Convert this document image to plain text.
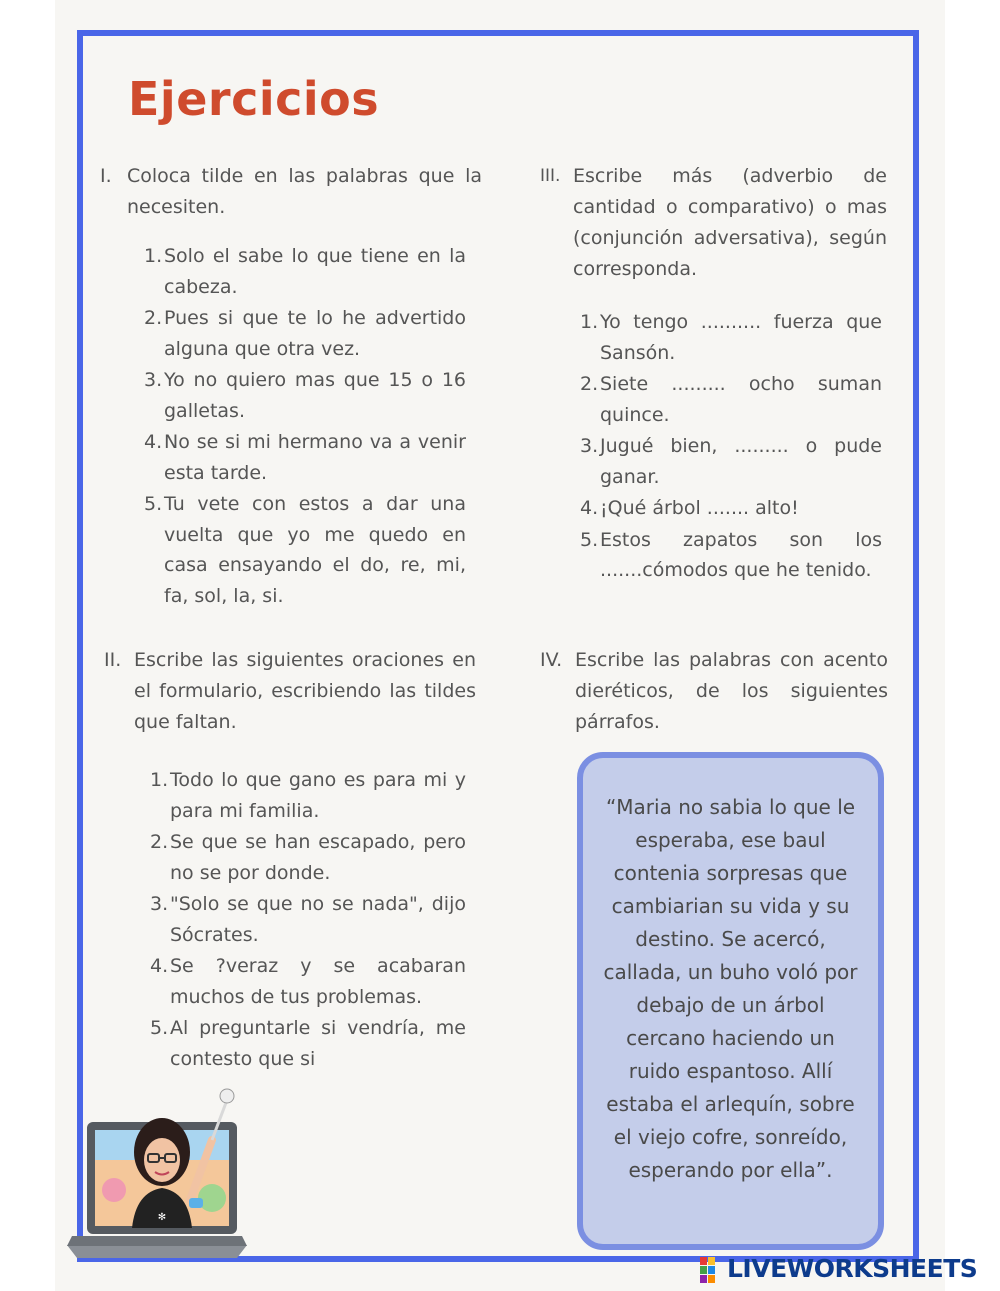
Ejercicios
I. Coloca tilde en las palabras que la necesiten.
1. Solo el sabe lo que tiene en la cabeza.
2. Pues si que te lo he advertido alguna que otra vez.
3. Yo no quiero mas que 15 o 16 galletas.
4. No se si mi hermano va a venir esta tarde.
5. Tu vete con estos a dar una vuelta que yo me quedo en casa ensayando el do, re, mi, fa, sol, la, si.
II. Escribe las siguientes oraciones en el formulario, escribiendo las tildes que faltan.
1. Todo lo que gano es para mi y para mi familia.
2. Se que se han escapado, pero no se por donde.
3. "Solo se que no se nada", dijo Sócrates.
4. Se ?veraz y se acabaran muchos de tus problemas.
5. Al preguntarle si vendría, me contesto que si
III. Escribe más (adverbio de cantidad o comparativo) o mas (conjunción adversativa), según corresponda.
1. Yo tengo .......... fuerza que Sansón.
2. Siete ......... ocho suman quince.
3. Jugué bien, ......... o pude ganar.
4. ¡Qué árbol ....... alto!
5. Estos zapatos son los .......cómodos que he tenido.
IV. Escribe las palabras con acento dieréticos, de los siguientes párrafos.

“Maria no sabia lo que le esperaba, ese baul contenia sorpresas que cambiarian su vida y su destino. Se acercó, callada, un buho voló por debajo de un árbol cercano haciendo un ruido espantoso. Allí estaba el arlequín, sobre el viejo cofre, sonreído, esperando por ella”.

✻
LIVEWORKSHEETS
